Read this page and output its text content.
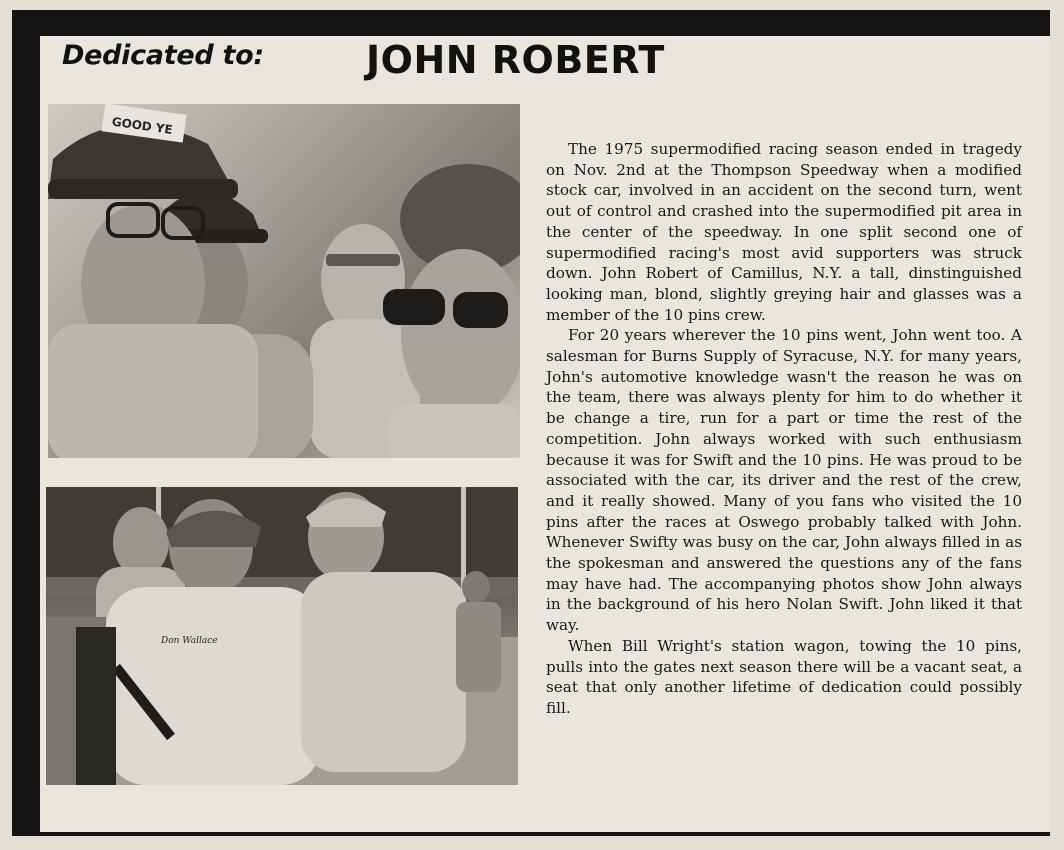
Dedicated to:	JOHN ROBERT
GOOD YE
Don Wallace

The 1975 supermodified racing season ended in tragedy on Nov. 2nd at the Thompson Speedway when a modified stock car, involved in an accident on the second turn, went out of control and crashed into the supermodified pit area in the center of the speedway. In one split second one of supermodified racing's most avid supporters was struck down. John Robert of Camillus, N.Y. a tall, dinstinguished looking man, blond, slightly greying hair and glasses was a member of the 10 pins crew.

For 20 years wherever the 10 pins went, John went too. A salesman for Burns Supply of Syracuse, N.Y. for many years, John's automotive knowledge wasn't the reason he was on the team, there was always plenty for him to do whether it be change a tire, run for a part or time the rest of the competition. John always worked with such enthusiasm because it was for Swift and the 10 pins. He was proud to be associated with the car, its driver and the rest of the crew, and it really showed. Many of you fans who visited the 10 pins after the races at Oswego probably talked with John. Whenever Swifty was busy on the car, John always filled in as the spokesman and answered the questions any of the fans may have had. The accompanying photos show John always in the background of his hero Nolan Swift. John liked it that way.

When Bill Wright's station wagon, towing the 10 pins, pulls into the gates next season there will be a vacant seat, a seat that only another lifetime of dedication could possibly fill.
